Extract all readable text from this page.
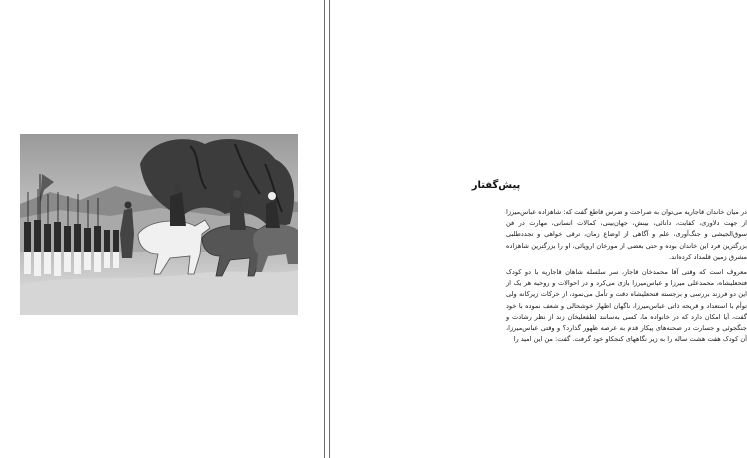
پیش‌گفتار

در میان خاندان قاجاریه می‌توان به صراحت و ضرس قاطع گفت که: شاهزاده عباس‌میرزا از جهت دلاوری، کفایت، دانائی، بینش، جهان‌بینی، کمالات انسانی، مهارت در فن سوق‌الجیشی و جنگ‌آوری، علم و آگاهی از اوضاع زمان، ترقی خواهی و تجددطلبی بزرگترین فرد این خاندان بوده و حتی بعضی از مورخان اروپائی، او را بزرگترین شاهزاده مشرق زمین قلمداد کرده‌اند.

معروف است که وقتی آقا محمدخان قاجار، سر سلسله شاهان قاجاریه با دو کودک فتحعلیشاه، محمدعلی میرزا و عباس‌میرزا بازی می‌کرد و در احوالات و روحیه هر یک از این دو فرزند بررسی و برجسته فتحعلیشاه دقت و تأمل می‌نمود، از حرکات زیرکانه ولی توأم با استعداد و قریحه ذاتی عباس‌میرزا، ناگهان اظهار خوشحالی و شعف نموده با خود گفت، آیا امکان دارد که در خانواده ما، کسی به‌سانند لطفعلیخان زند از نظر رشادت و جنگجوئی و جسارت در صحنه‌های پیکار قدم به عرصه ظهور گذارد؟ و وقتی عباس‌میرزا، آن کودک هفت هشت ساله را به زیر نگاههای کنجکاو خود گرفت. گفت: من این امید را
